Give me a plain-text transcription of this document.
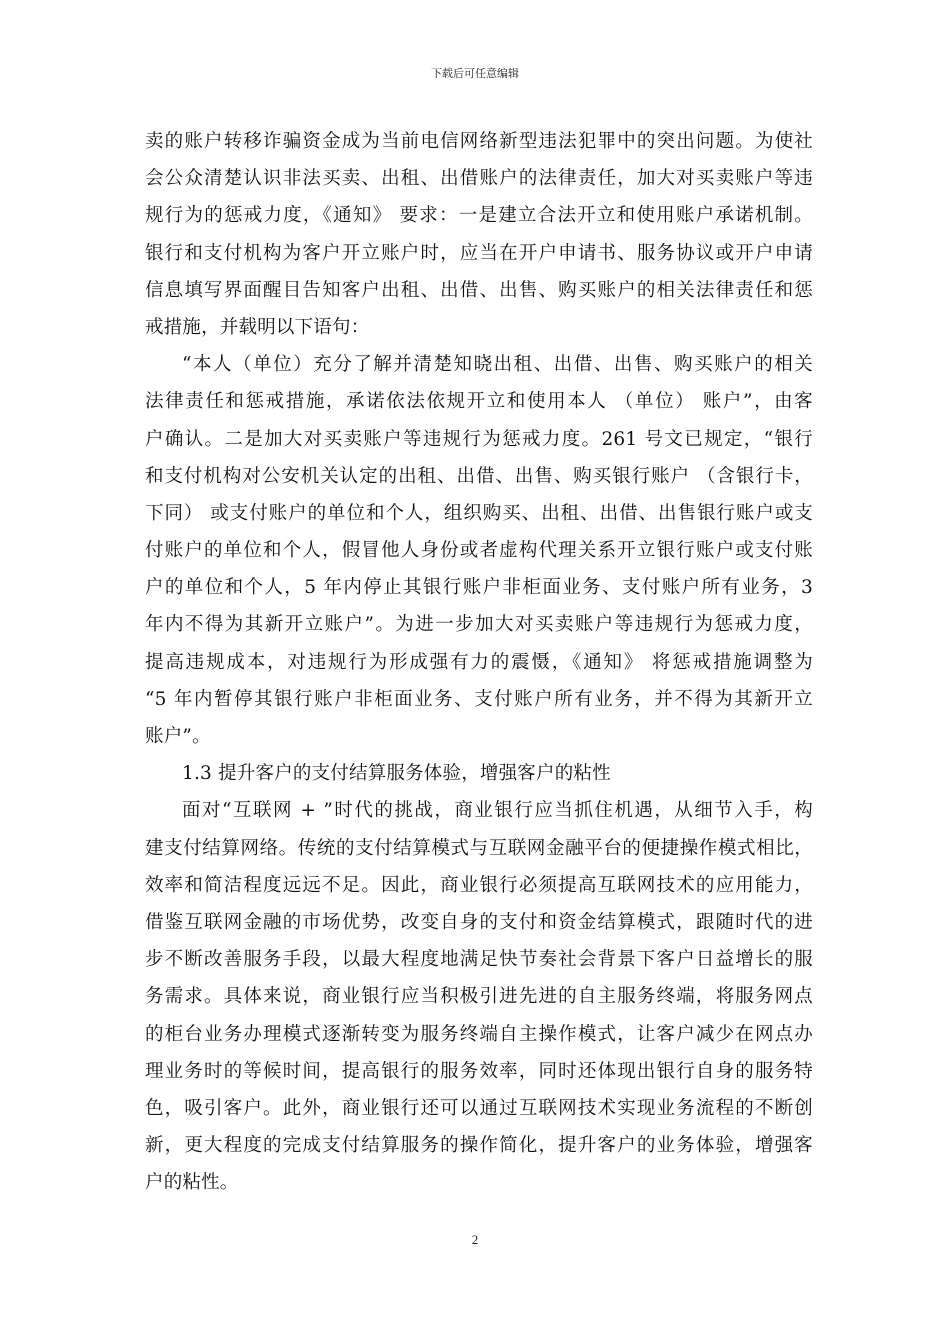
下载后可任意编辑
卖的账户转移诈骗资金成为当前电信网络新型违法犯罪中的突出问题。为使社
会公众清楚认识非法买卖、出租、出借账户的法律责任，加大对买卖账户等违
规行为的惩戒力度，《通知》 要求：一是建立合法开立和使用账户承诺机制。
银行和支付机构为客户开立账户时，应当在开户申请书、服务协议或开户申请
信息填写界面醒目告知客户出租、出借、出售、购买账户的相关法律责任和惩
戒措施，并载明以下语句：
“本人（单位）充分了解并清楚知晓出租、出借、出售、购买账户的相关
法律责任和惩戒措施，承诺依法依规开立和使用本人 （单位） 账户”，由客
户确认。二是加大对买卖账户等违规行为惩戒力度。261 号文已规定，“银行
和支付机构对公安机关认定的出租、出借、出售、购买银行账户 （含银行卡，
下同） 或支付账户的单位和个人，组织购买、出租、出借、出售银行账户或支
付账户的单位和个人，假冒他人身份或者虚构代理关系开立银行账户或支付账
户的单位和个人，5 年内停止其银行账户非柜面业务、支付账户所有业务，3
年内不得为其新开立账户”。为进一步加大对买卖账户等违规行为惩戒力度，
提高违规成本，对违规行为形成强有力的震慑，《通知》 将惩戒措施调整为
“5 年内暂停其银行账户非柜面业务、支付账户所有业务，并不得为其新开立
账户”。
1.3 提升客户的支付结算服务体验，增强客户的粘性
面对“互联网 + ”时代的挑战，商业银行应当抓住机遇，从细节入手，构
建支付结算网络。传统的支付结算模式与互联网金融平台的便捷操作模式相比，
效率和简洁程度远远不足。因此，商业银行必须提高互联网技术的应用能力，
借鉴互联网金融的市场优势，改变自身的支付和资金结算模式，跟随时代的进
步不断改善服务手段，以最大程度地满足快节奏社会背景下客户日益增长的服
务需求。具体来说，商业银行应当积极引进先进的自主服务终端，将服务网点
的柜台业务办理模式逐渐转变为服务终端自主操作模式，让客户减少在网点办
理业务时的等候时间，提高银行的服务效率，同时还体现出银行自身的服务特
色，吸引客户。此外，商业银行还可以通过互联网技术实现业务流程的不断创
新，更大程度的完成支付结算服务的操作简化，提升客户的业务体验，增强客
户的粘性。
2
